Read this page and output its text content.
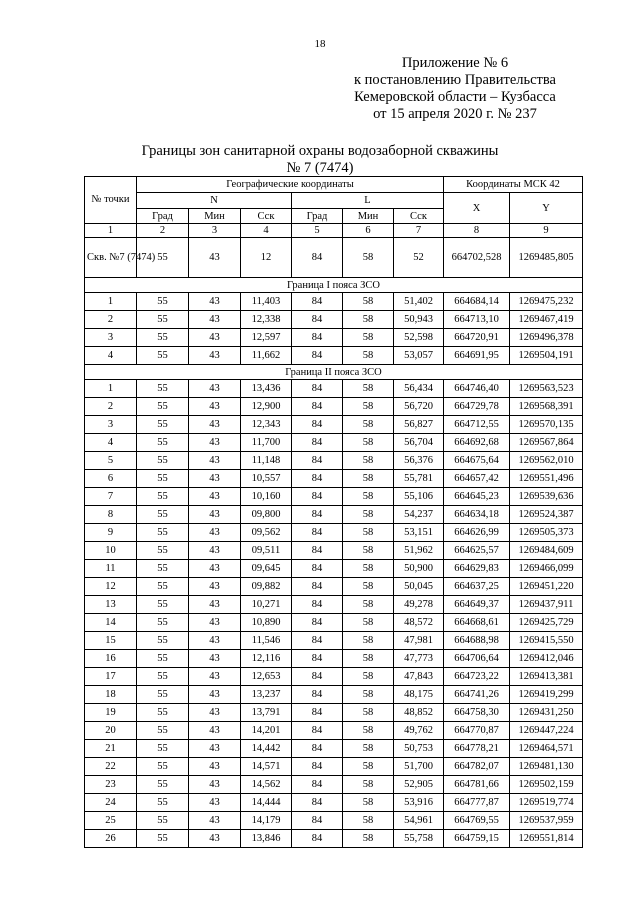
18
Приложение № 6
к постановлению Правительства
Кемеровской области – Кузбасса
от 15 апреля 2020 г. № 237
Границы зон санитарной охраны водозаборной скважины
№ 7 (7474)
№ точки	Географические координаты						Координаты МСК 42	
	N			L			X	Y
	Град	Мин	Сск	Град	Мин	Сск		
1	2	3	4	5	6	7	8	9
Скв. №7 (7474)	55	43	12	84	58	52	664702,528	1269485,805
Граница I пояса ЗСО								
1	55	43	11,403	84	58	51,402	664684,14	1269475,232
2	55	43	12,338	84	58	50,943	664713,10	1269467,419
3	55	43	12,597	84	58	52,598	664720,91	1269496,378
4	55	43	11,662	84	58	53,057	664691,95	1269504,191
Граница II пояса ЗСО								
1	55	43	13,436	84	58	56,434	664746,40	1269563,523
2	55	43	12,900	84	58	56,720	664729,78	1269568,391
3	55	43	12,343	84	58	56,827	664712,55	1269570,135
4	55	43	11,700	84	58	56,704	664692,68	1269567,864
5	55	43	11,148	84	58	56,376	664675,64	1269562,010
6	55	43	10,557	84	58	55,781	664657,42	1269551,496
7	55	43	10,160	84	58	55,106	664645,23	1269539,636
8	55	43	09,800	84	58	54,237	664634,18	1269524,387
9	55	43	09,562	84	58	53,151	664626,99	1269505,373
10	55	43	09,511	84	58	51,962	664625,57	1269484,609
11	55	43	09,645	84	58	50,900	664629,83	1269466,099
12	55	43	09,882	84	58	50,045	664637,25	1269451,220
13	55	43	10,271	84	58	49,278	664649,37	1269437,911
14	55	43	10,890	84	58	48,572	664668,61	1269425,729
15	55	43	11,546	84	58	47,981	664688,98	1269415,550
16	55	43	12,116	84	58	47,773	664706,64	1269412,046
17	55	43	12,653	84	58	47,843	664723,22	1269413,381
18	55	43	13,237	84	58	48,175	664741,26	1269419,299
19	55	43	13,791	84	58	48,852	664758,30	1269431,250
20	55	43	14,201	84	58	49,762	664770,87	1269447,224
21	55	43	14,442	84	58	50,753	664778,21	1269464,571
22	55	43	14,571	84	58	51,700	664782,07	1269481,130
23	55	43	14,562	84	58	52,905	664781,66	1269502,159
24	55	43	14,444	84	58	53,916	664777,87	1269519,774
25	55	43	14,179	84	58	54,961	664769,55	1269537,959
26	55	43	13,846	84	58	55,758	664759,15	1269551,814
